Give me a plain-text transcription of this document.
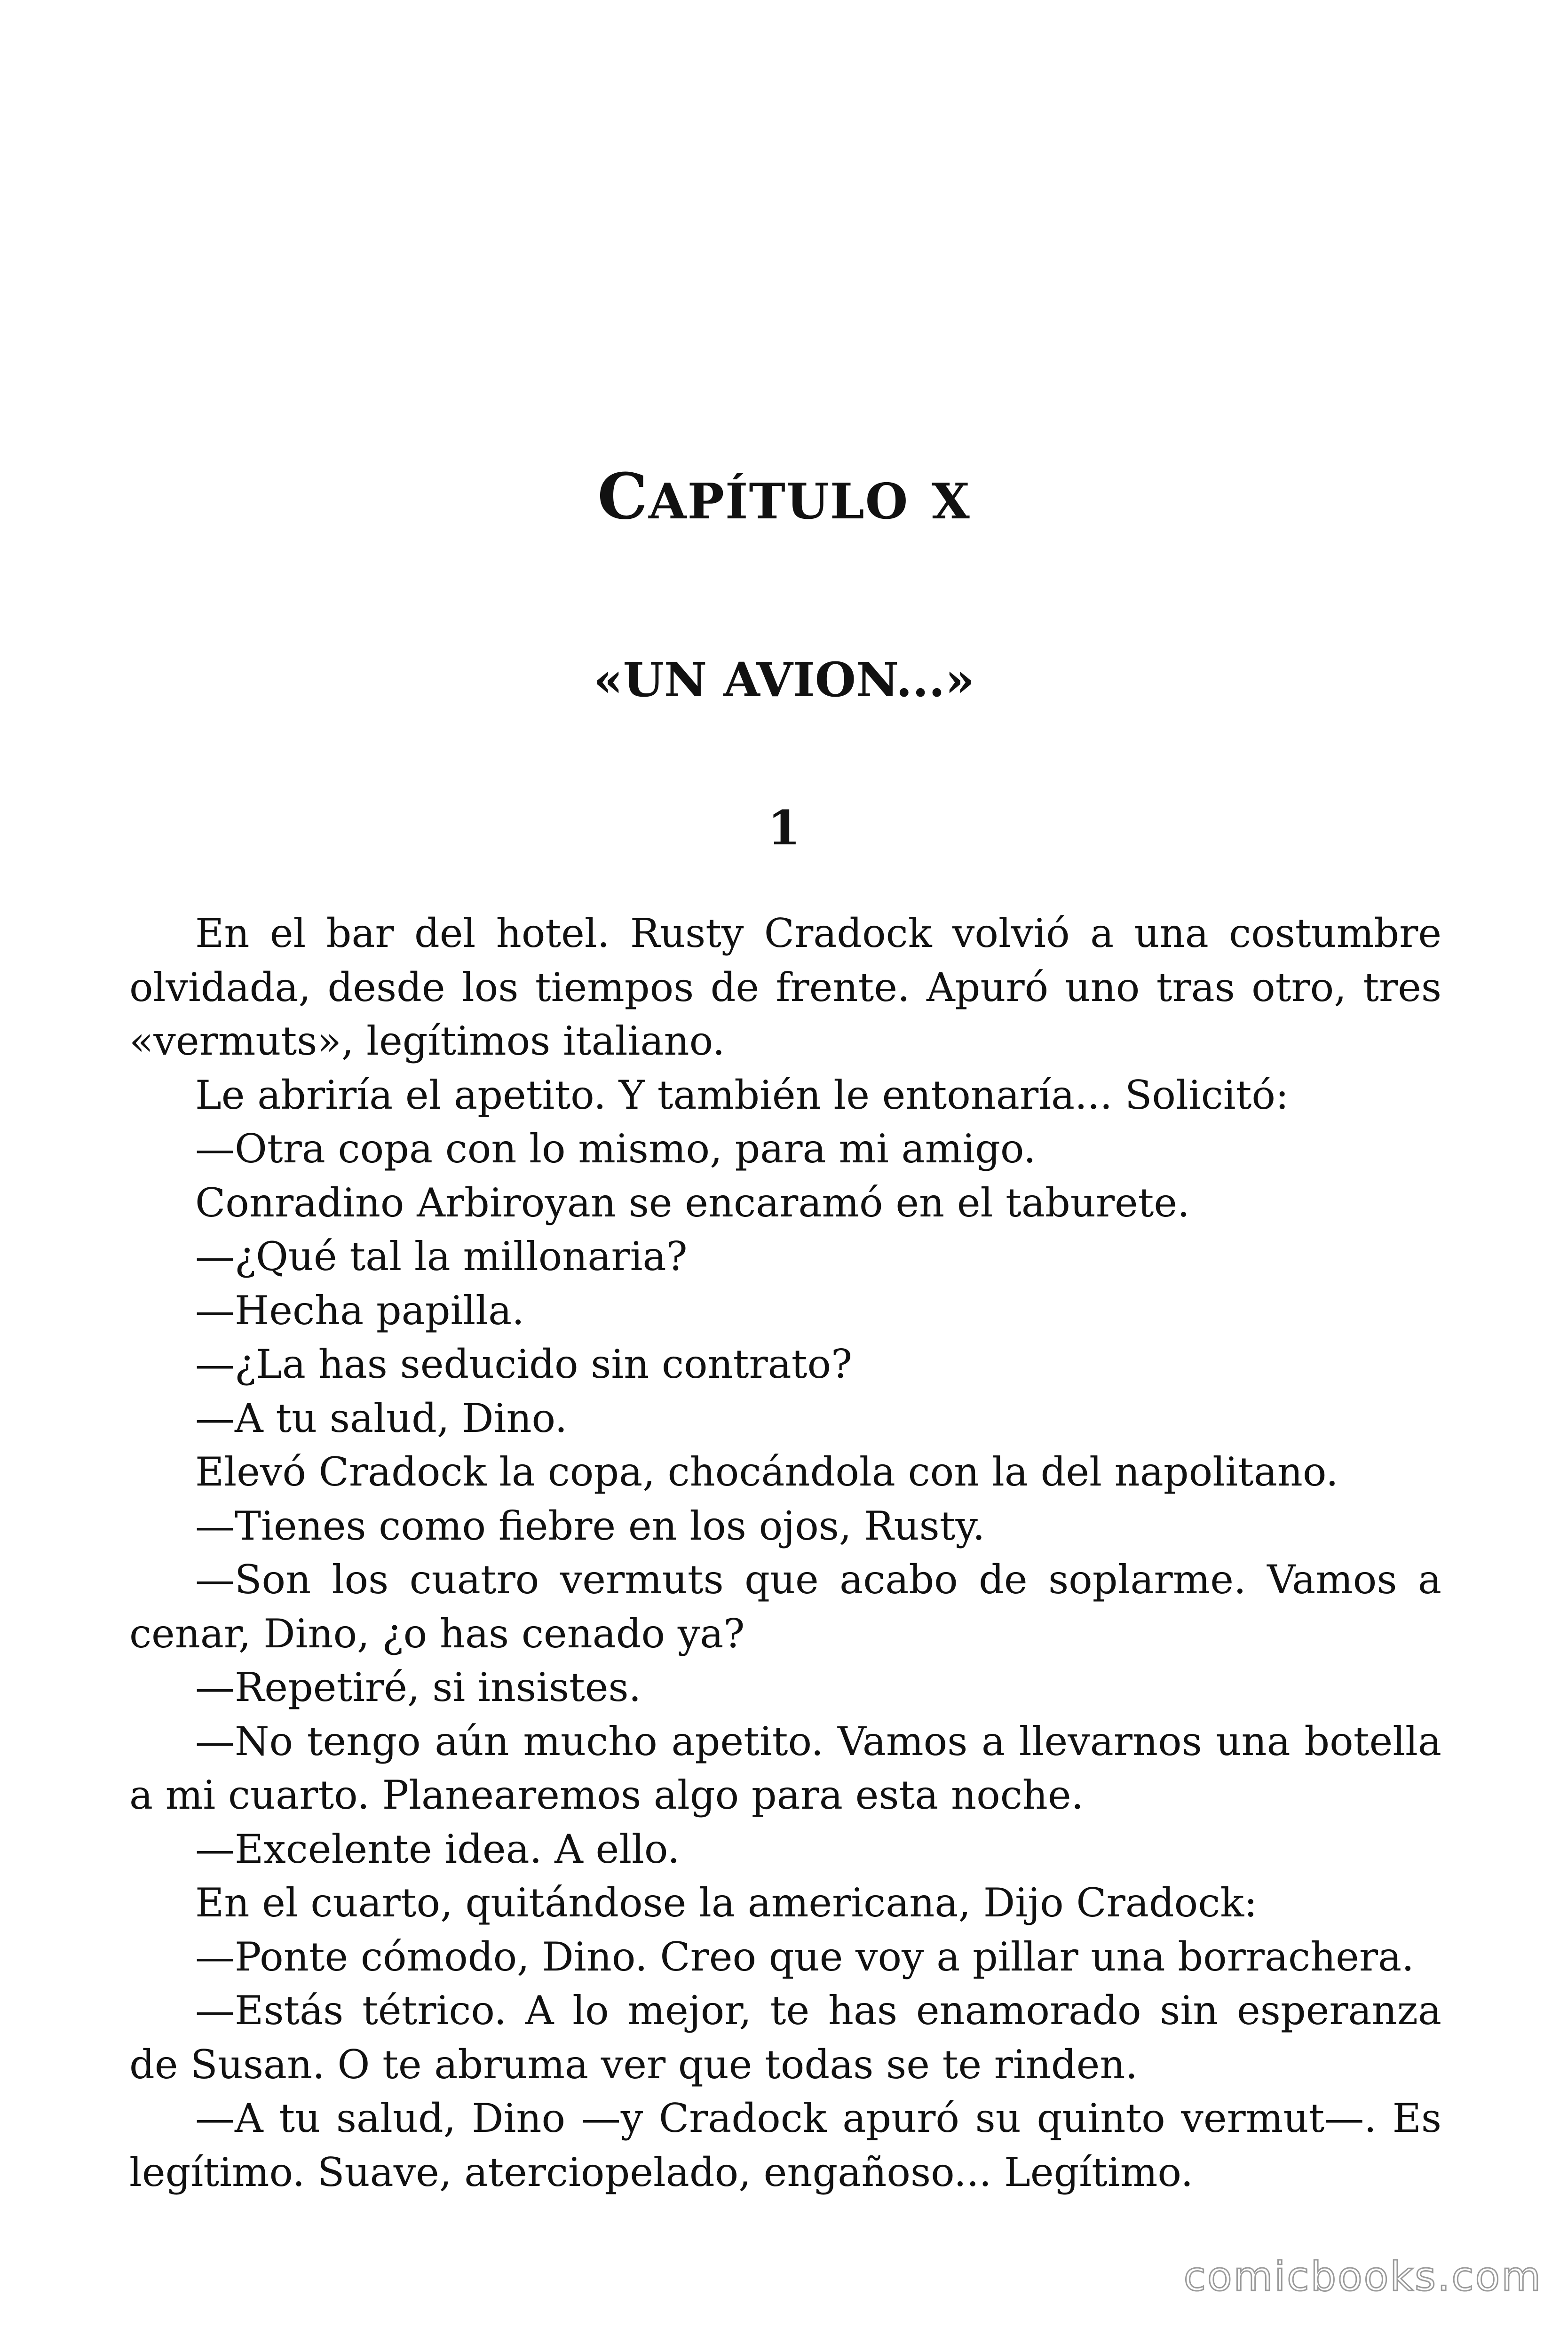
CAPÍTULO X
«UN AVION...»
1

En el bar del hotel. Rusty Cradock volvió a una costumbre olvidada, desde los tiempos de frente. Apuró uno tras otro, tres «vermuts», legítimos italiano.

Le abriría el apetito. Y también le entonaría... Solicitó:

—Otra copa con lo mismo, para mi amigo.

Conradino Arbiroyan se encaramó en el taburete.

—¿Qué tal la millonaria?

—Hecha papilla.

—¿La has seducido sin contrato?

—A tu salud, Dino.

Elevó Cradock la copa, chocándola con la del napolitano.

—Tienes como fiebre en los ojos, Rusty.

—Son los cuatro vermuts que acabo de soplarme. Vamos a cenar, Dino, ¿o has cenado ya?

—Repetiré, si insistes.

—No tengo aún mucho apetito. Vamos a llevarnos una botella a mi cuarto. Planearemos algo para esta noche.

—Excelente idea. A ello.

En el cuarto, quitándose la americana, Dijo Cradock:

—Ponte cómodo, Dino. Creo que voy a pillar una borrachera.

—Estás tétrico. A lo mejor, te has enamorado sin esperanza de Susan. O te abruma ver que todas se te rinden.

—A tu salud, Dino —y Cradock apuró su quinto vermut—. Es legítimo. Suave, aterciopelado, engañoso... Legítimo.

comicbooks.com
